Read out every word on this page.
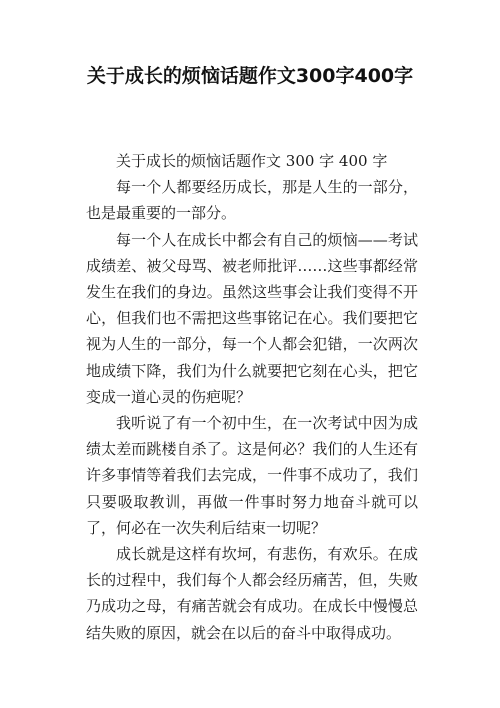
关于成长的烦恼话题作文300字400字

关于成长的烦恼话题作文 300 字 400 字

每一个人都要经历成长，那是人生的一部分，也是最重要的一部分。

每一个人在成长中都会有自己的烦恼——考试成绩差、被父母骂、被老师批评……这些事都经常发生在我们的身边。虽然这些事会让我们变得不开心，但我们也不需把这些事铭记在心。我们要把它视为人生的一部分，每一个人都会犯错，一次两次地成绩下降，我们为什么就要把它刻在心头，把它变成一道心灵的伤疤呢？

我听说了有一个初中生，在一次考试中因为成绩太差而跳楼自杀了。这是何必？我们的人生还有许多事情等着我们去完成，一件事不成功了，我们只要吸取教训，再做一件事时努力地奋斗就可以了，何必在一次失利后结束一切呢？

成长就是这样有坎坷，有悲伤，有欢乐。在成长的过程中，我们每个人都会经历痛苦，但，失败乃成功之母，有痛苦就会有成功。在成长中慢慢总结失败的原因，就会在以后的奋斗中取得成功。
